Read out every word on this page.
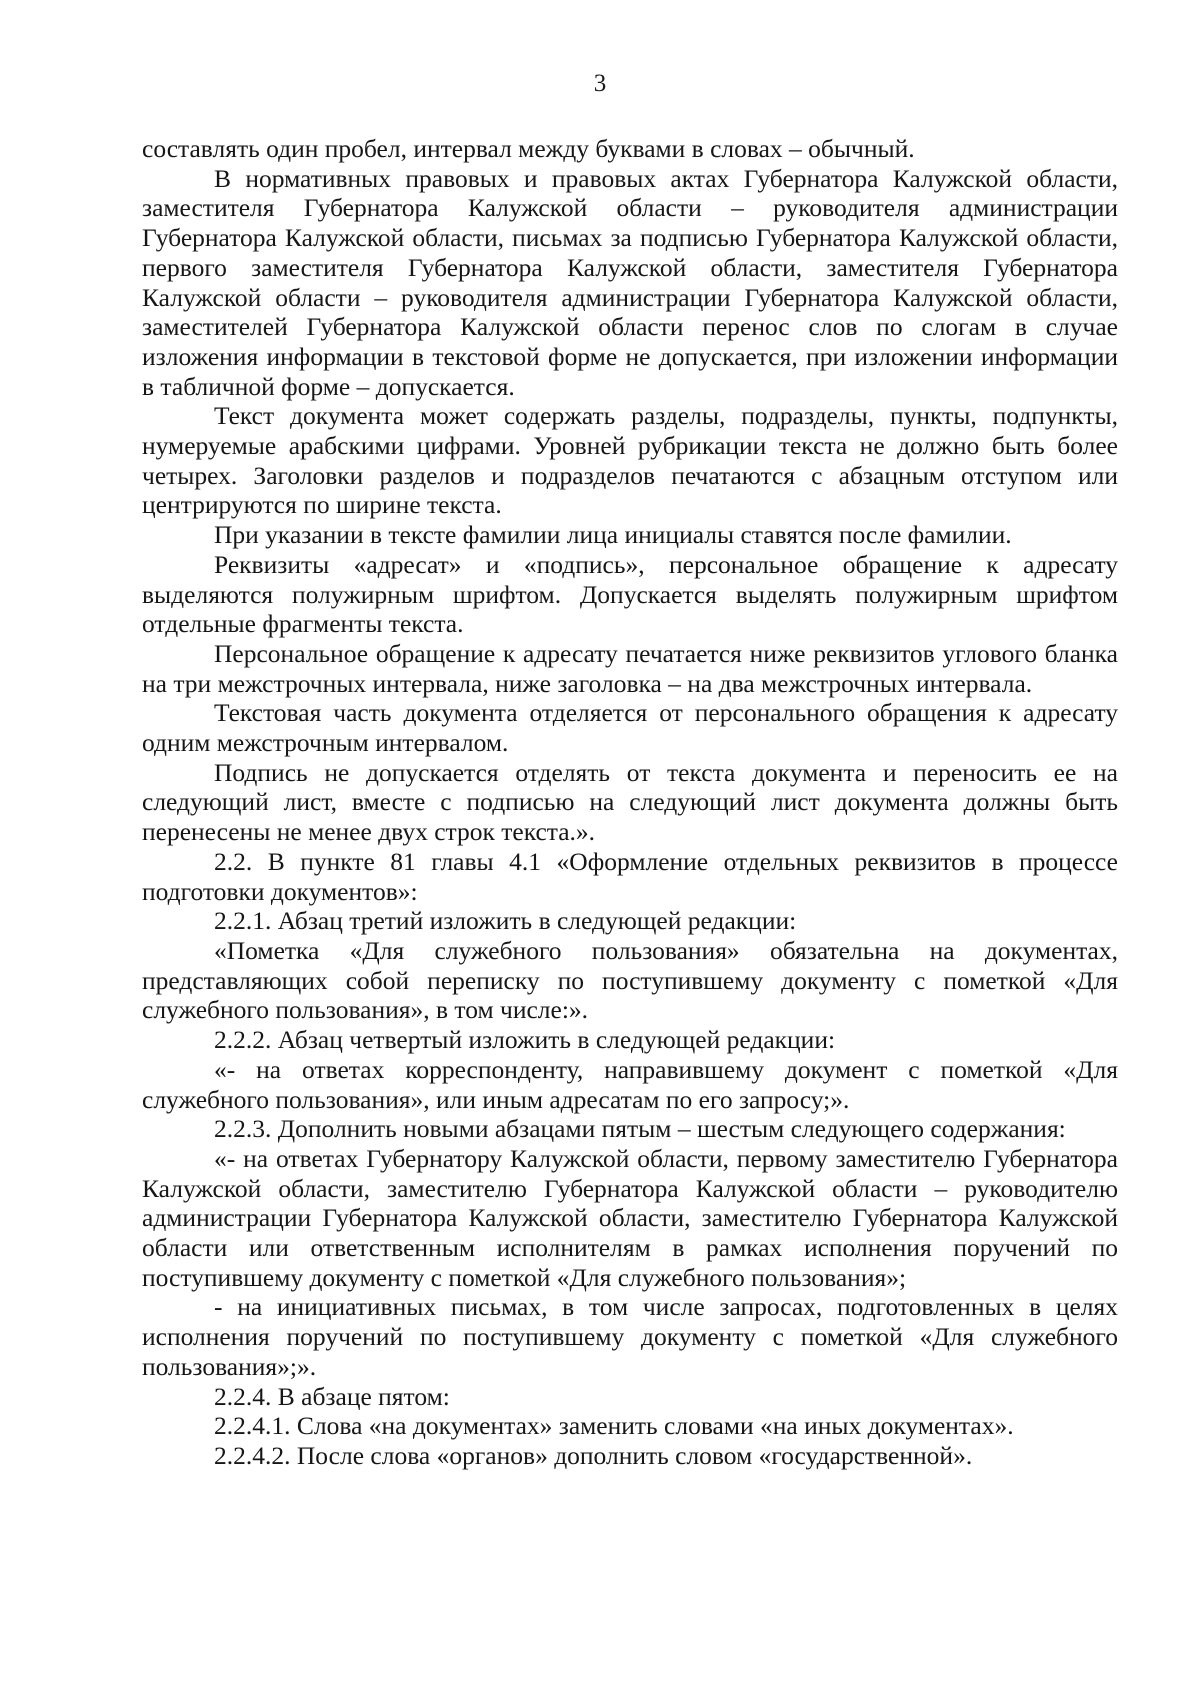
3

составлять один пробел, интервал между буквами в словах – обычный.

В нормативных правовых и правовых актах Губернатора Калужской области, заместителя Губернатора Калужской области – руководителя администрации Губернатора Калужской области, письмах за подписью Губернатора Калужской области, первого заместителя Губернатора Калужской области, заместителя Губернатора Калужской области – руководителя администрации Губернатора Калужской области, заместителей Губернатора Калужской области перенос слов по слогам в случае изложения информации в текстовой форме не допускается, при изложении информации в табличной форме – допускается.

Текст документа может содержать разделы, подразделы, пункты, подпункты, нумеруемые арабскими цифрами. Уровней рубрикации текста не должно быть более четырех. Заголовки разделов и подразделов печатаются с абзацным отступом или центрируются по ширине текста.

При указании в тексте фамилии лица инициалы ставятся после фамилии.

Реквизиты «адресат» и «подпись», персональное обращение к адресату выделяются полужирным шрифтом. Допускается выделять полужирным шрифтом отдельные фрагменты текста.

Персональное обращение к адресату печатается ниже реквизитов углового бланка на три межстрочных интервала, ниже заголовка – на два межстрочных интервала.

Текстовая часть документа отделяется от персонального обращения к адресату одним межстрочным интервалом.

Подпись не допускается отделять от текста документа и переносить ее на следующий лист, вместе с подписью на следующий лист документа должны быть перенесены не менее двух строк текста.».

2.2. В пункте 81 главы 4.1 «Оформление отдельных реквизитов в процессе подготовки документов»:

2.2.1. Абзац третий изложить в следующей редакции:

«Пометка «Для служебного пользования» обязательна на документах, представляющих собой переписку по поступившему документу с пометкой «Для служебного пользования», в том числе:».

2.2.2. Абзац четвертый изложить в следующей редакции:

«- на ответах корреспонденту, направившему документ с пометкой «Для служебного пользования», или иным адресатам по его запросу;».

2.2.3. Дополнить новыми абзацами пятым – шестым следующего содержания:

«- на ответах Губернатору Калужской области, первому заместителю Губернатора Калужской области, заместителю Губернатора Калужской области – руководителю администрации Губернатора Калужской области, заместителю Губернатора Калужской области или ответственным исполнителям в рамках исполнения поручений по поступившему документу с пометкой «Для служебного пользования»;

- на инициативных письмах, в том числе запросах, подготовленных в целях исполнения поручений по поступившему документу с пометкой «Для служебного пользования»;».

2.2.4. В абзаце пятом:

2.2.4.1. Слова «на документах» заменить словами «на иных документах».

2.2.4.2. После слова «органов» дополнить словом «государственной».
